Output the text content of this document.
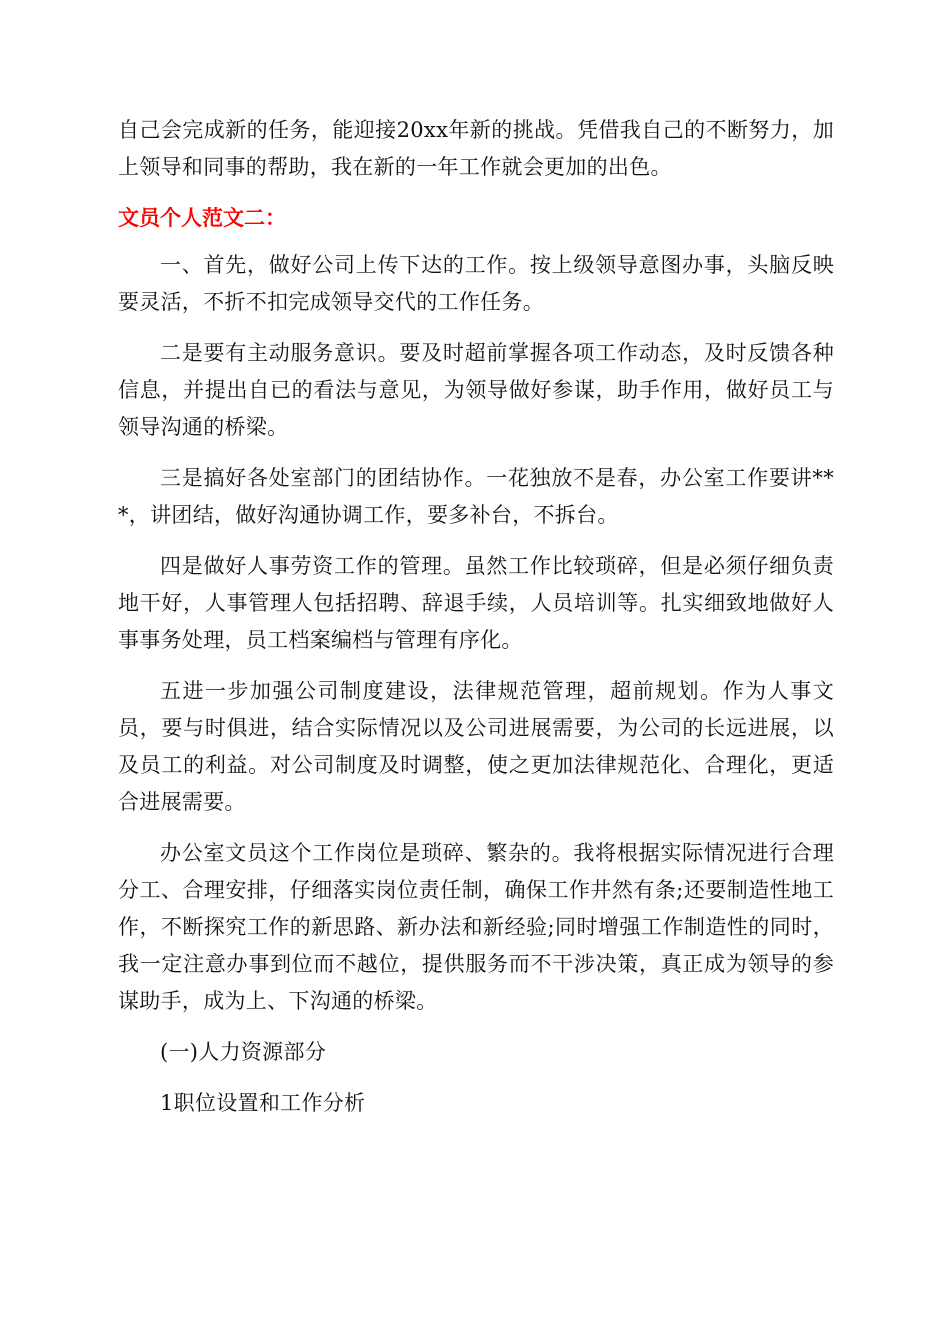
自己会完成新的任务，能迎接20xx年新的挑战。凭借我自己的不断努力，加上领导和同事的帮助，我在新的一年工作就会更加的出色。

文员个人范文二：

一、首先，做好公司上传下达的工作。按上级领导意图办事，头脑反映要灵活，不折不扣完成领导交代的工作任务。

二是要有主动服务意识。要及时超前掌握各项工作动态，及时反馈各种信息，并提出自已的看法与意见，为领导做好参谋，助手作用，做好员工与领导沟通的桥梁。

三是搞好各处室部门的团结协作。一花独放不是春，办公室工作要讲***，讲团结，做好沟通协调工作，要多补台，不拆台。

四是做好人事劳资工作的管理。虽然工作比较琐碎，但是必须仔细负责地干好，人事管理人包括招聘、辞退手续，人员培训等。扎实细致地做好人事事务处理，员工档案编档与管理有序化。

五进一步加强公司制度建设，法律规范管理，超前规划。作为人事文员，要与时俱进，结合实际情况以及公司进展需要，为公司的长远进展，以及员工的利益。对公司制度及时调整，使之更加法律规范化、合理化，更适合进展需要。

办公室文员这个工作岗位是琐碎、繁杂的。我将根据实际情况进行合理分工、合理安排，仔细落实岗位责任制，确保工作井然有条;还要制造性地工作，不断探究工作的新思路、新办法和新经验;同时增强工作制造性的同时，我一定注意办事到位而不越位，提供服务而不干涉决策，真正成为领导的参谋助手，成为上、下沟通的桥梁。

(一)人力资源部分

1职位设置和工作分析
